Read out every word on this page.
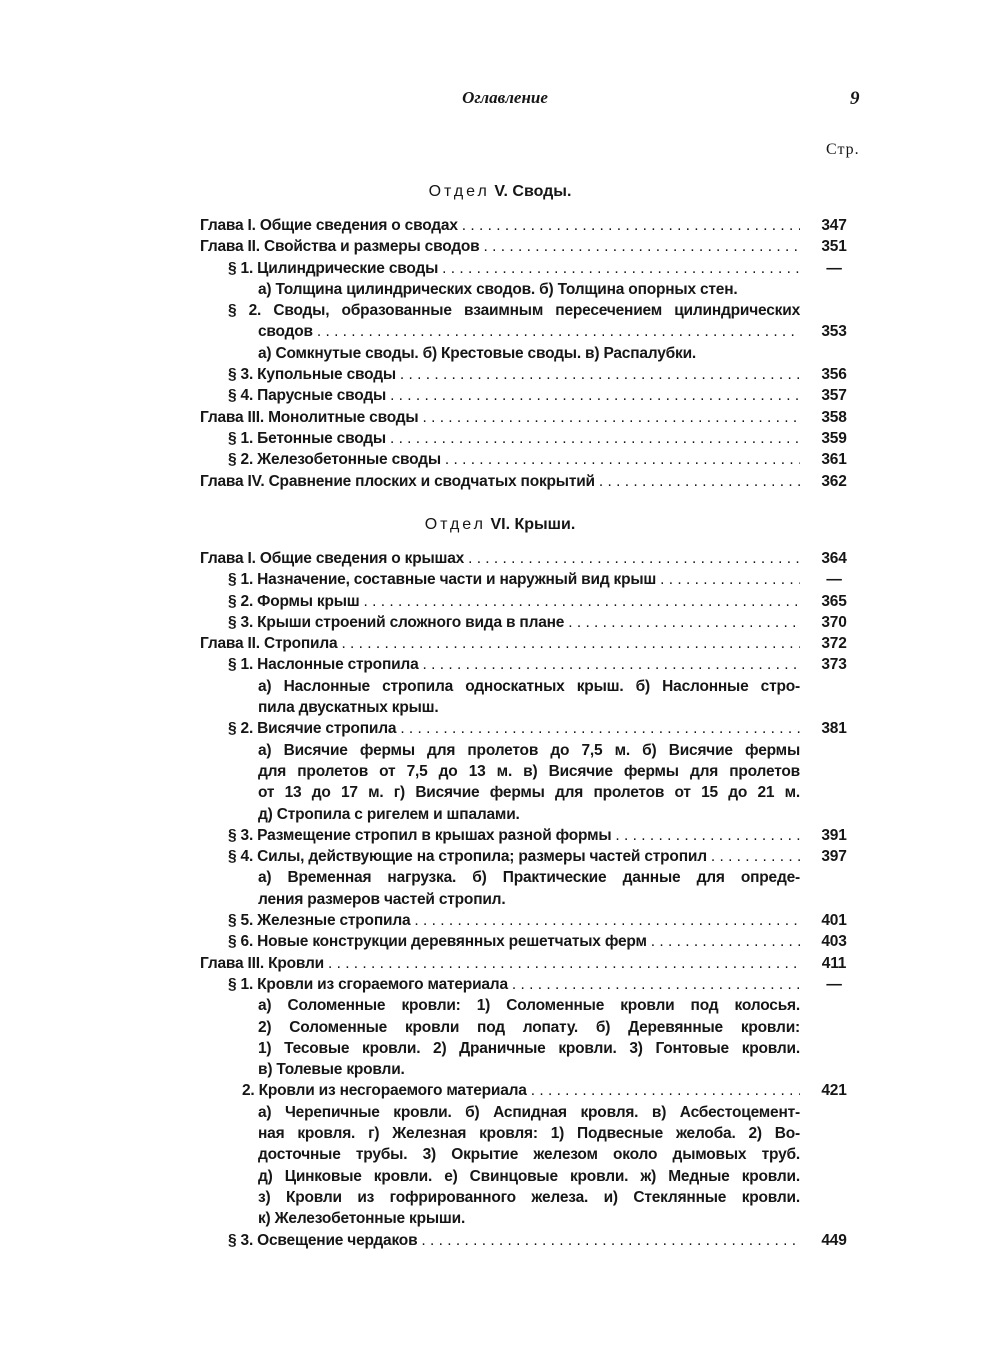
Оглавление	9
Стр.
Отдел V. Своды.
Глава I. Общие сведения о сводах . . .	347
Глава II. Свойства и размеры сводов . . .	351
§ 1. Цилиндрические своды . . .	—
а) Толщина цилиндрических сводов. б) Толщина опорных стен.
§ 2. Своды, образованные взаимным пересечением цилиндрических
сводов . . .	353
а) Сомкнутые своды. б) Крестовые своды. в) Распалубки.
§ 3. Купольные своды . . .	356
§ 4. Парусные своды . . .	357
Глава III. Монолитные своды . . .	358
§ 1. Бетонные своды . . .	359
§ 2. Железобетонные своды . . .	361
Глава IV. Сравнение плоских и сводчатых покрытий . . .	362
Отдел VI. Крыши.
Глава I. Общие сведения о крышах . . .	364
§ 1. Назначение, составные части и наружный вид крыш . . .	—
§ 2. Формы крыш . . .	365
§ 3. Крыши строений сложного вида в плане . . .	370
Глава II. Стропила . . .	372
§ 1. Наслонные стропила . . .	373
а) Наслонные стропила односкатных крыш. б) Наслонные стро-
пила двускатных крыш.
§ 2. Висячие стропила . . .	381
а) Висячие фермы для пролетов до 7,5 м. б) Висячие фермы
для пролетов от 7,5 до 13 м. в) Висячие фермы для пролетов
от 13 до 17 м. г) Висячие фермы для пролетов от 15 до 21 м.
д) Стропила с ригелем и шпалами.
§ 3. Размещение стропил в крышах разной формы . . .	391
§ 4. Силы, действующие на стропила; размеры частей стропил . . .	397
а) Временная нагрузка. б) Практические данные для опреде-
ления размеров частей стропил.
§ 5. Железные стропила . . .	401
§ 6. Новые конструкции деревянных решетчатых ферм . . .	403
Глава III. Кровли . . .	411
§ 1. Кровли из сгораемого материала . . .	—
а) Соломенные кровли: 1) Соломенные кровли под колосья.
2) Соломенные кровли под лопату. б) Деревянные кровли:
1) Тесовые кровли. 2) Драничные кровли. 3) Гонтовые кровли.
в) Толевые кровли.
2. Кровли из несгораемого материала . . .	421
а) Черепичные кровли. б) Аспидная кровля. в) Асбестоцемент-
ная кровля. г) Железная кровля: 1) Подвесные желоба. 2) Во-
досточные трубы. 3) Окрытие железом около дымовых труб.
д) Цинковые кровли. е) Свинцовые кровли. ж) Медные кровли.
з) Кровли из гофрированного железа. и) Стеклянные кровли.
к) Железобетонные крыши.
§ 3. Освещение чердаков . . .	449
